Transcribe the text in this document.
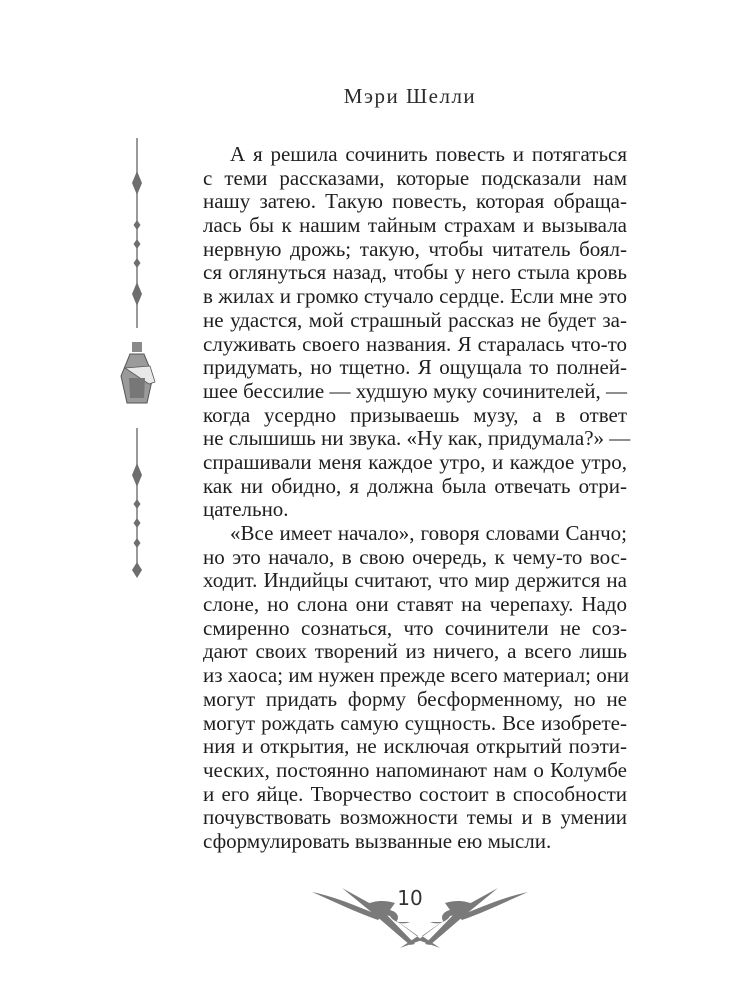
Мэри Шелли
А я решила сочинить повесть и потягаться
с теми рассказами, которые подсказали нам
нашу затею. Такую повесть, которая обраща-
лась бы к нашим тайным страхам и вызывала
нервную дрожь; такую, чтобы читатель боял-
ся оглянуться назад, чтобы у него стыла кровь
в жилах и громко стучало сердце. Если мне это
не удастся, мой страшный рассказ не будет за-
служивать своего названия. Я старалась что-то
придумать, но тщетно. Я ощущала то полней-
шее бессилие — худшую муку сочинителей, —
когда усердно призываешь музу, а в ответ
не слышишь ни звука. «Ну как, придумала?» —
спрашивали меня каждое утро, и каждое утро,
как ни обидно, я должна была отвечать отри-
цательно.
«Все имеет начало», говоря словами Санчо;
но это начало, в свою очередь, к чему-то вос-
ходит. Индийцы считают, что мир держится на
слоне, но слона они ставят на черепаху. Надо
смиренно сознаться, что сочинители не соз-
дают своих творений из ничего, а всего лишь
из хаоса; им нужен прежде всего материал; они
могут придать форму бесформенному, но не
могут рождать самую сущность. Все изобрете-
ния и открытия, не исключая открытий поэти-
ческих, постоянно напоминают нам о Колумбе
и его яйце. Творчество состоит в способности
почувствовать возможности темы и в умении
сформулировать вызванные ею мысли.
10
